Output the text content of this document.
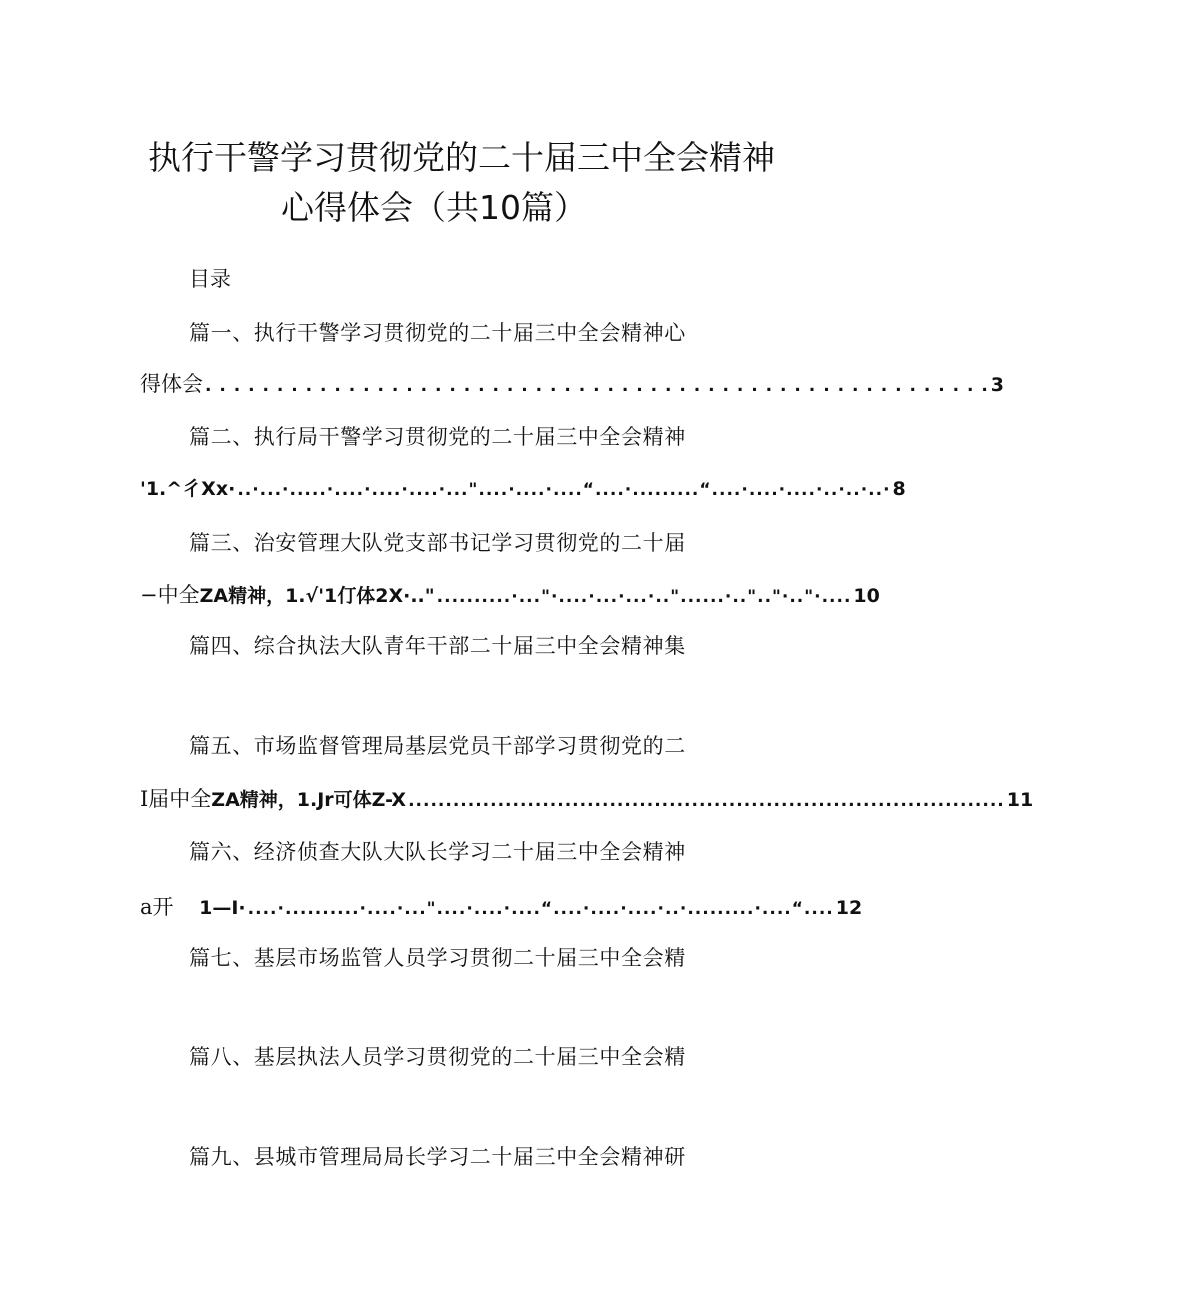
执行干警学习贯彻党的二十届三中全会精神
心得体会（共10篇）
目录
篇一、执行干警学习贯彻党的二十届三中全会精神心
得体会 . . . . . . . . . . . . . . . . . . . . . . . . . . . . . . . . . . . . . . . . . . . . . . . . . . . . . . . 3
篇二、执行局干警学习贯彻党的二十届三中全会精神
'1.^彳Xx· ..·...·.....·....·....·....·..."....·....·....“....·.........“....·....·....·..·..·..· 8
篇三、治安管理大队党支部书记学习贯彻党的二十届
−中全 ZA精神，1.√'1仃体2X·.." ..........·..."·....·...·...·.."......·..".."·.."·.... 10
篇四、综合执法大队青年干部二十届三中全会精神集
篇五、市场监督管理局基层党员干部学习贯彻党的二
I届中全 ZA精神，1.Jr可体Z-X ................................................................................ 11
篇六、经济侦查大队大队长学习二十届三中全会精神
a开 　 1—I· ....·..........·....·..."....·....·....“....·....·....·..·.........·....“.... 12
篇七、基层市场监管人员学习贯彻二十届三中全会精
篇八、基层执法人员学习贯彻党的二十届三中全会精
篇九、县城市管理局局长学习二十届三中全会精神研
